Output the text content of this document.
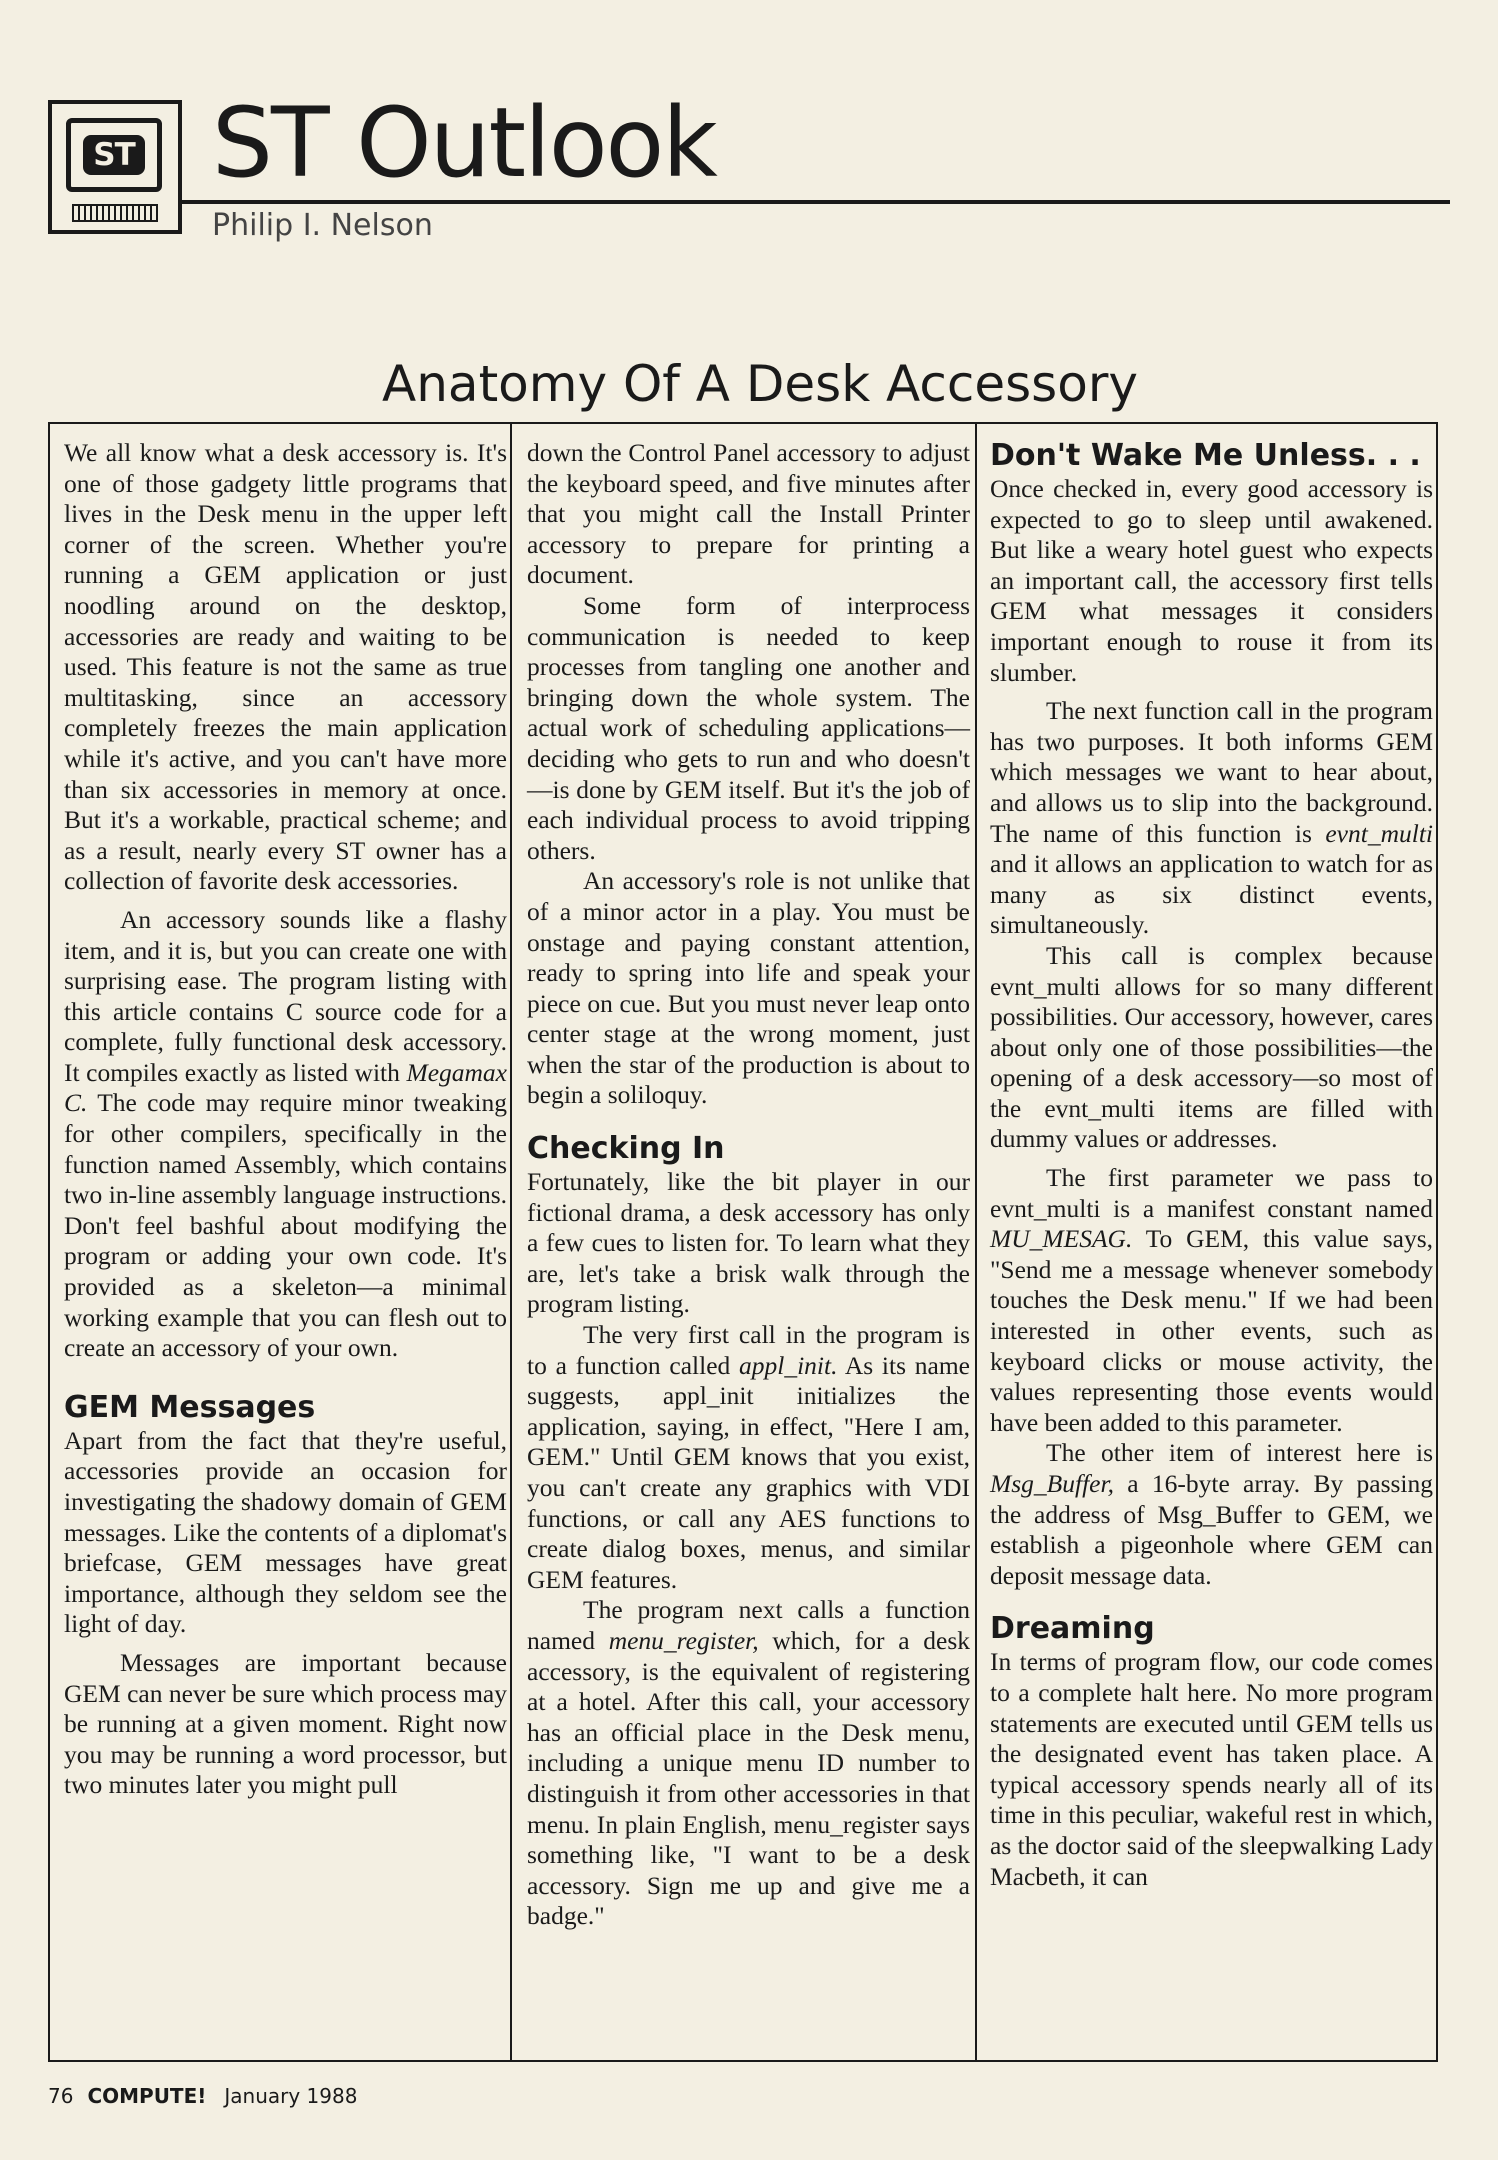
ST ST Outlook
Philip I. Nelson
Anatomy Of A Desk Accessory

We all know what a desk accessory is. It's one of those gadgety little programs that lives in the Desk menu in the upper left corner of the screen. Whether you're running a GEM application or just noodling around on the desktop, accessories are ready and waiting to be used. This feature is not the same as true multitasking, since an accessory completely freezes the main application while it's active, and you can't have more than six accessories in memory at once. But it's a workable, practical scheme; and as a result, nearly every ST owner has a collection of favorite desk accessories.

An accessory sounds like a flashy item, and it is, but you can create one with surprising ease. The program listing with this article contains C source code for a complete, fully functional desk accessory. It compiles exactly as listed with Megamax C. The code may require minor tweaking for other compilers, specifically in the function named Assembly, which contains two in-line assembly language instructions. Don't feel bashful about modifying the program or adding your own code. It's provided as a skeleton—a minimal working example that you can flesh out to create an accessory of your own.

GEM Messages

Apart from the fact that they're useful, accessories provide an occasion for investigating the shadowy domain of GEM messages. Like the contents of a diplomat's briefcase, GEM messages have great importance, although they seldom see the light of day.

Messages are important because GEM can never be sure which process may be running at a given moment. Right now you may be running a word processor, but two minutes later you might pull

down the Control Panel accessory to adjust the keyboard speed, and five minutes after that you might call the Install Printer accessory to prepare for printing a document.

Some form of interprocess communication is needed to keep processes from tangling one another and bringing down the whole system. The actual work of scheduling applications—deciding who gets to run and who doesn't—is done by GEM itself. But it's the job of each individual process to avoid tripping others.

An accessory's role is not unlike that of a minor actor in a play. You must be onstage and paying constant attention, ready to spring into life and speak your piece on cue. But you must never leap onto center stage at the wrong moment, just when the star of the production is about to begin a soliloquy.

Checking In

Fortunately, like the bit player in our fictional drama, a desk accessory has only a few cues to listen for. To learn what they are, let's take a brisk walk through the program listing.

The very first call in the program is to a function called appl_init. As its name suggests, appl_init initializes the application, saying, in effect, "Here I am, GEM." Until GEM knows that you exist, you can't create any graphics with VDI functions, or call any AES functions to create dialog boxes, menus, and similar GEM features.

The program next calls a function named menu_register, which, for a desk accessory, is the equivalent of registering at a hotel. After this call, your accessory has an official place in the Desk menu, including a unique menu ID number to distinguish it from other accessories in that menu. In plain English, menu_register says something like, "I want to be a desk accessory. Sign me up and give me a badge."

Don't Wake Me Unless. . .

Once checked in, every good accessory is expected to go to sleep until awakened. But like a weary hotel guest who expects an important call, the accessory first tells GEM what messages it considers important enough to rouse it from its slumber.

The next function call in the program has two purposes. It both informs GEM which messages we want to hear about, and allows us to slip into the background. The name of this function is evnt_multi and it allows an application to watch for as many as six distinct events, simultaneously.

This call is complex because evnt_multi allows for so many different possibilities. Our accessory, however, cares about only one of those possibilities—the opening of a desk accessory—so most of the evnt_multi items are filled with dummy values or addresses.

The first parameter we pass to evnt_multi is a manifest constant named MU_MESAG. To GEM, this value says, "Send me a message whenever somebody touches the Desk menu." If we had been interested in other events, such as keyboard clicks or mouse activity, the values representing those events would have been added to this parameter.

The other item of interest here is Msg_Buffer, a 16-byte array. By passing the address of Msg_Buffer to GEM, we establish a pigeonhole where GEM can deposit message data.

Dreaming

In terms of program flow, our code comes to a complete halt here. No more program statements are executed until GEM tells us the designated event has taken place. A typical accessory spends nearly all of its time in this peculiar, wakeful rest in which, as the doctor said of the sleepwalking Lady Macbeth, it can

76 COMPUTE! January 1988
